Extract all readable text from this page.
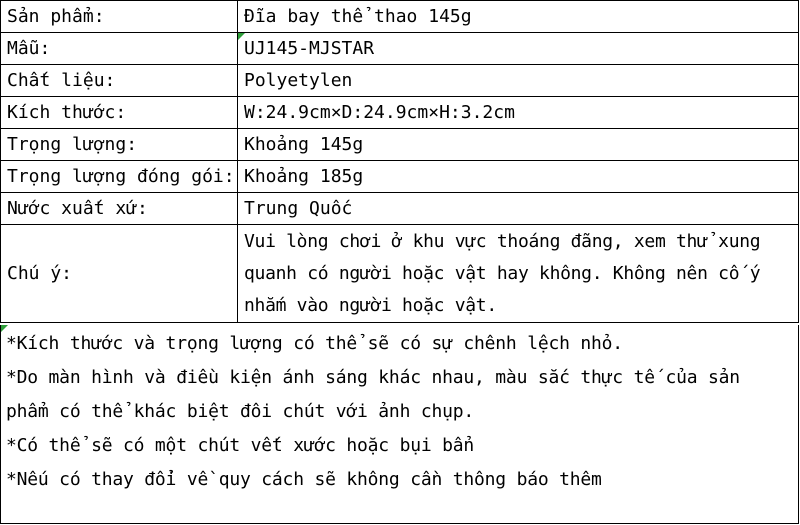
Sản phẩm:	Đĩa bay thể thao 145g
Mẫu:	UJ145-MJSTAR
Chất liệu:	Polyetylen
Kích thước:	W:24.9cm×D:24.9cm×H:3.2cm
Trọng lượng:	Khoảng 145g
Trọng lượng đóng gói:	Khoảng 185g
Nước xuất xứ:	Trung Quốc
Chú ý:	Vui lòng chơi ở khu vực thoáng đãng, xem thử xung quanh có người hoặc vật hay không. Không nên cố ý nhắm vào người hoặc vật.

*Kích thước và trọng lượng có thể sẽ có sự chênh lệch nhỏ.

*Do màn hình và điều kiện ánh sáng khác nhau, màu sắc thực tế của sản

phẩm có thể khác biệt đôi chút với ảnh chụp.

*Có thể sẽ có một chút vết xước hoặc bụi bẩn

*Nếu có thay đổi về quy cách sẽ không cần thông báo thêm
